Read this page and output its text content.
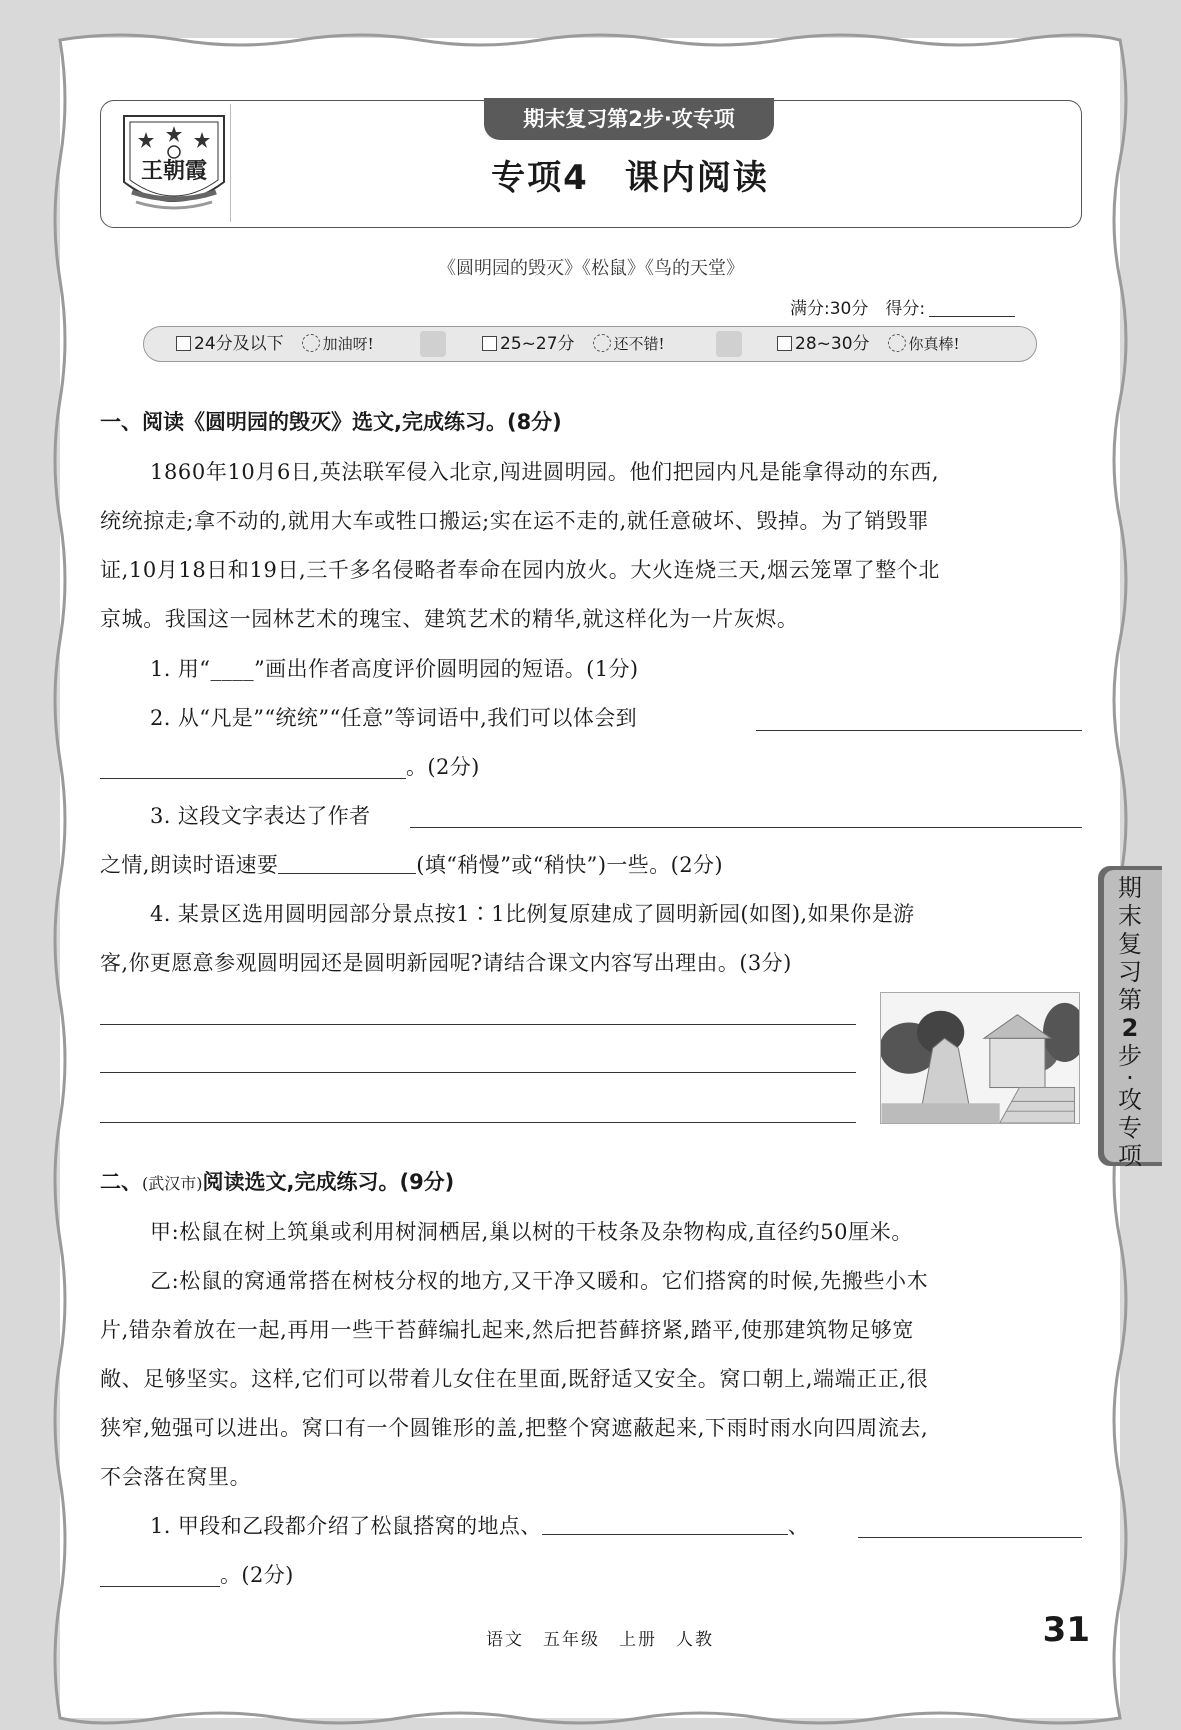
王朝霞
期末复习第2步·攻专项
专项4　课内阅读
《圆明园的毁灭》《松鼠》《鸟的天堂》
满分:30分　得分:
24分及以下	加油呀!	25~27分	还不错!	28~30分	你真棒!
一、阅读《圆明园的毁灭》选文,完成练习。(8分)
1860年10月6日,英法联军侵入北京,闯进圆明园。他们把园内凡是能拿得动的东西,
统统掠走;拿不动的,就用大车或牲口搬运;实在运不走的,就任意破坏、毁掉。为了销毁罪
证,10月18日和19日,三千多名侵略者奉命在园内放火。大火连烧三天,烟云笼罩了整个北
京城。我国这一园林艺术的瑰宝、建筑艺术的精华,就这样化为一片灰烬。
1. 用“____”画出作者高度评价圆明园的短语。(1分)
2. 从“凡是”“统统”“任意”等词语中,我们可以体会到
。(2分)
3. 这段文字表达了作者
之情,朗读时语速要	(填“稍慢”或“稍快”)一些。(2分)
4. 某景区选用圆明园部分景点按1∶1比例复原建成了圆明新园(如图),如果你是游
客,你更愿意参观圆明园还是圆明新园呢?请结合课文内容写出理由。(3分)
二、(武汉市)阅读选文,完成练习。(9分)
甲:松鼠在树上筑巢或利用树洞栖居,巢以树的干枝条及杂物构成,直径约50厘米。
乙:松鼠的窝通常搭在树枝分杈的地方,又干净又暖和。它们搭窝的时候,先搬些小木
片,错杂着放在一起,再用一些干苔藓编扎起来,然后把苔藓挤紧,踏平,使那建筑物足够宽
敞、足够坚实。这样,它们可以带着儿女住在里面,既舒适又安全。窝口朝上,端端正正,很
狭窄,勉强可以进出。窝口有一个圆锥形的盖,把整个窝遮蔽起来,下雨时雨水向四周流去,
不会落在窝里。
1. 甲段和乙段都介绍了松鼠搭窝的地点、	、
。(2分)
期
末
复
习
第
2
步
·
攻
专
项
语文　五年级　上册　人教	31
